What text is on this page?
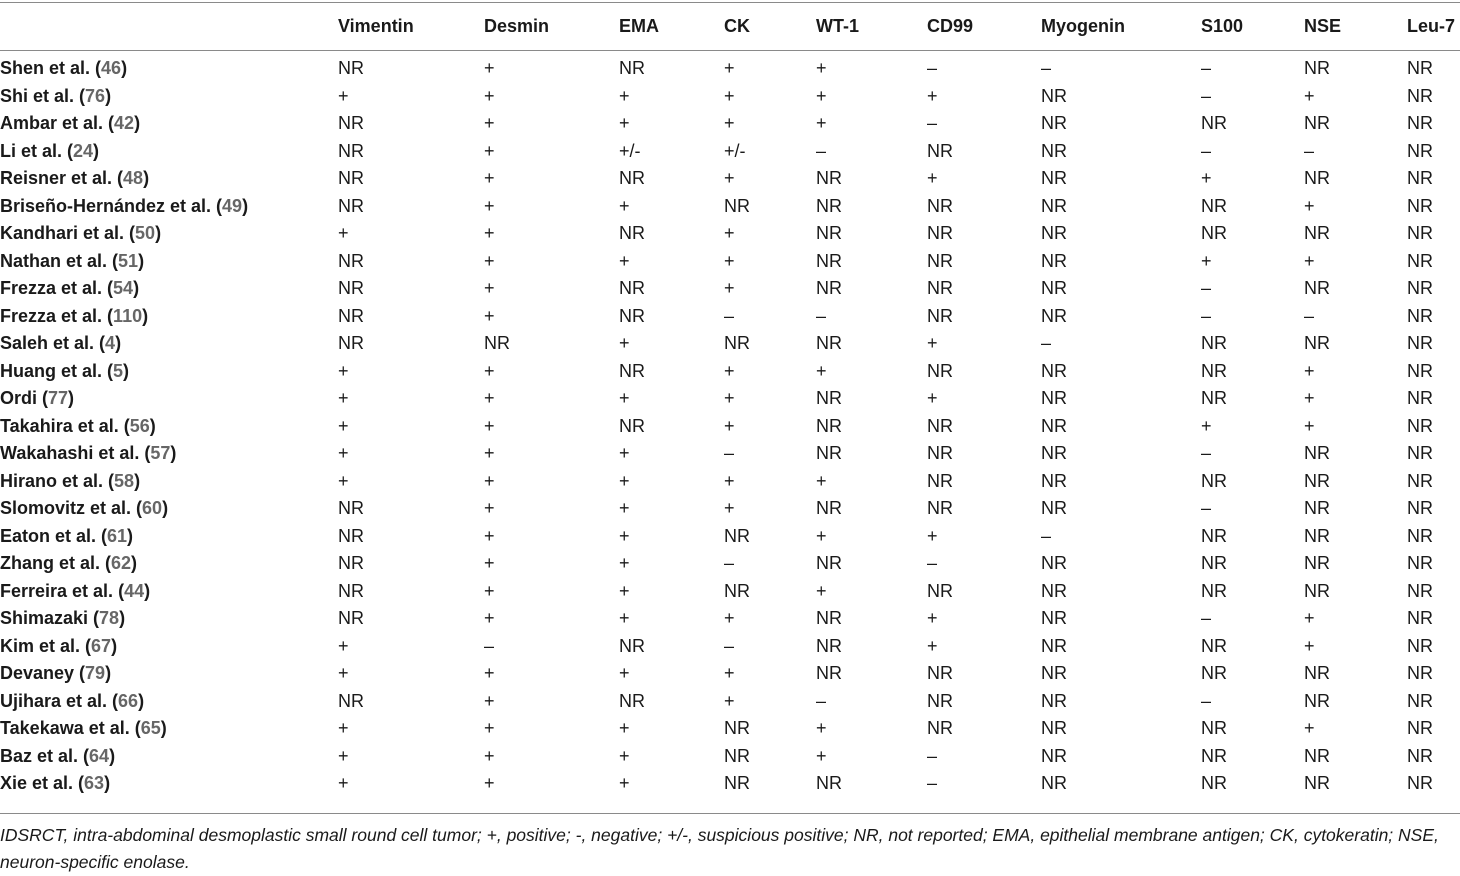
	Vimentin	Desmin	EMA	CK	WT-1	CD99	Myogenin	S100	NSE	Leu-7
Shen et al. (46)	NR	+	NR	+	+	–	–	–	NR	NR
Shi et al. (76)	+	+	+	+	+	+	NR	–	+	NR
Ambar et al. (42)	NR	+	+	+	+	–	NR	NR	NR	NR
Li et al. (24)	NR	+	+/-	+/-	–	NR	NR	–	–	NR
Reisner et al. (48)	NR	+	NR	+	NR	+	NR	+	NR	NR
Briseño-Hernández et al. (49)	NR	+	+	NR	NR	NR	NR	NR	+	NR
Kandhari et al. (50)	+	+	NR	+	NR	NR	NR	NR	NR	NR
Nathan et al. (51)	NR	+	+	+	NR	NR	NR	+	+	NR
Frezza et al. (54)	NR	+	NR	+	NR	NR	NR	–	NR	NR
Frezza et al. (110)	NR	+	NR	–	–	NR	NR	–	–	NR
Saleh et al. (4)	NR	NR	+	NR	NR	+	–	NR	NR	NR
Huang et al. (5)	+	+	NR	+	+	NR	NR	NR	+	NR
Ordi (77)	+	+	+	+	NR	+	NR	NR	+	NR
Takahira et al. (56)	+	+	NR	+	NR	NR	NR	+	+	NR
Wakahashi et al. (57)	+	+	+	–	NR	NR	NR	–	NR	NR
Hirano et al. (58)	+	+	+	+	+	NR	NR	NR	NR	NR
Slomovitz et al. (60)	NR	+	+	+	NR	NR	NR	–	NR	NR
Eaton et al. (61)	NR	+	+	NR	+	+	–	NR	NR	NR
Zhang et al. (62)	NR	+	+	–	NR	–	NR	NR	NR	NR
Ferreira et al. (44)	NR	+	+	NR	+	NR	NR	NR	NR	NR
Shimazaki (78)	NR	+	+	+	NR	+	NR	–	+	NR
Kim et al. (67)	+	–	NR	–	NR	+	NR	NR	+	NR
Devaney (79)	+	+	+	+	NR	NR	NR	NR	NR	NR
Ujihara et al. (66)	NR	+	NR	+	–	NR	NR	–	NR	NR
Takekawa et al. (65)	+	+	+	NR	+	NR	NR	NR	+	NR
Baz et al. (64)	+	+	+	NR	+	–	NR	NR	NR	NR
Xie et al. (63)	+	+	+	NR	NR	–	NR	NR	NR	NR
IDSRCT, intra-abdominal desmoplastic small round cell tumor; +, positive; -, negative; +/-, suspicious positive; NR, not reported; EMA, epithelial membrane antigen; CK, cytokeratin; NSE, neuron-specific enolase.
